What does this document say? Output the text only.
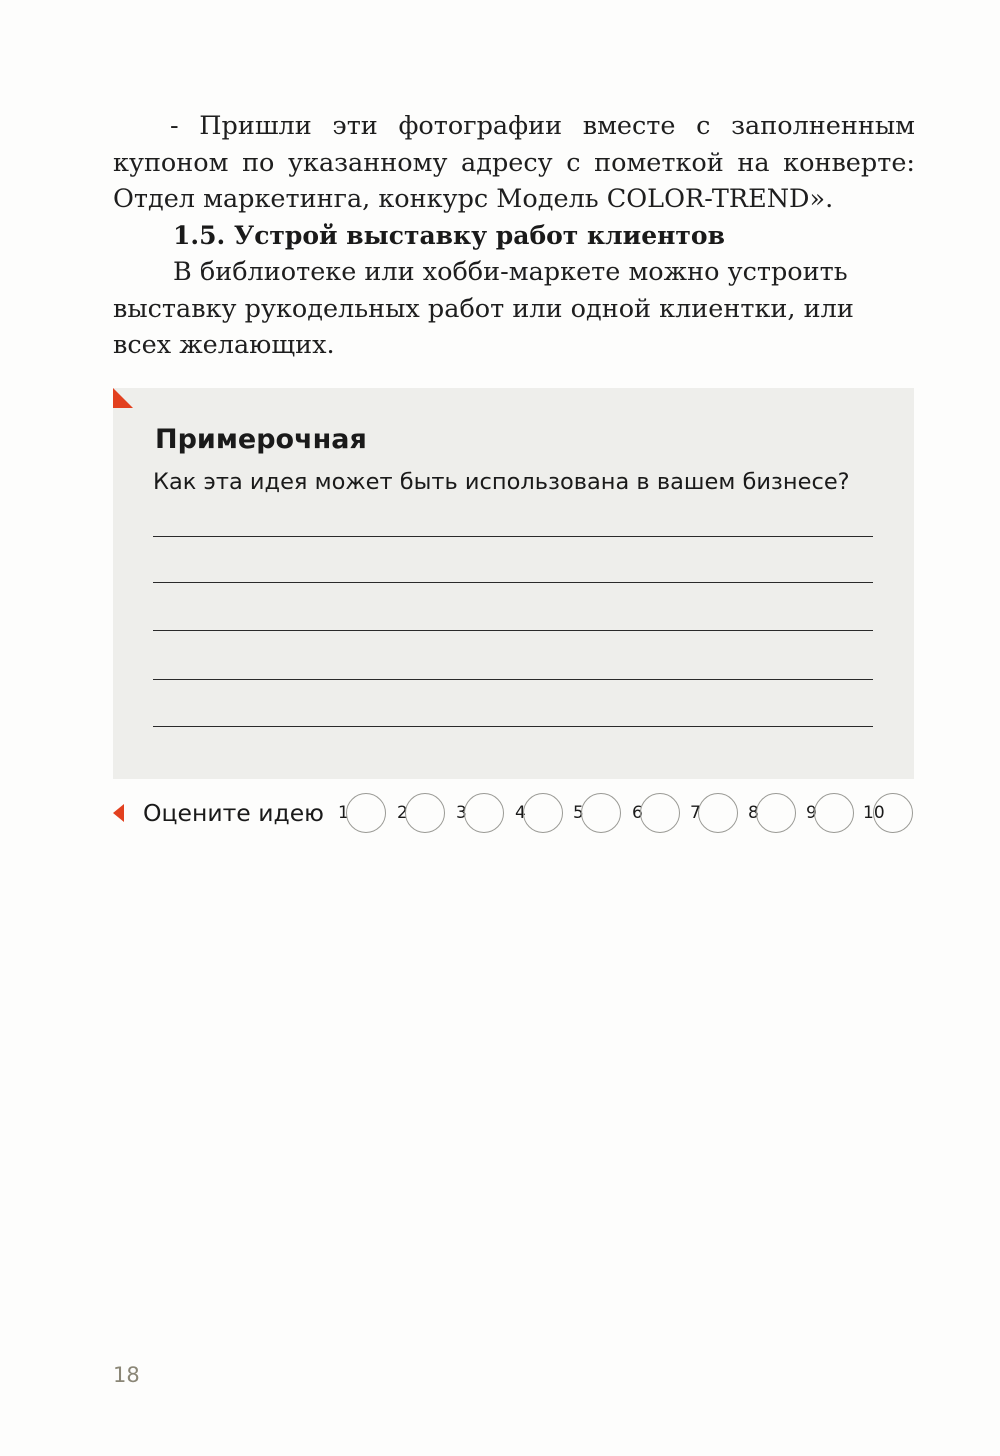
- Пришли эти фотографии вместе с заполненным купоном по указанному адресу с пометкой на конверте: Отдел маркетинга, конкурс Модель COLOR-TREND».
1.5. Устрой выставку работ клиентов
В библиотеке или хобби-маркете можно устроить выставку рукодельных работ или одной клиентки, или всех желающих.
Примерочная
Как эта идея может быть использована в вашем бизнесе?
Оцените идею 1	2	3	4	5	6	7	8	9	10
18
